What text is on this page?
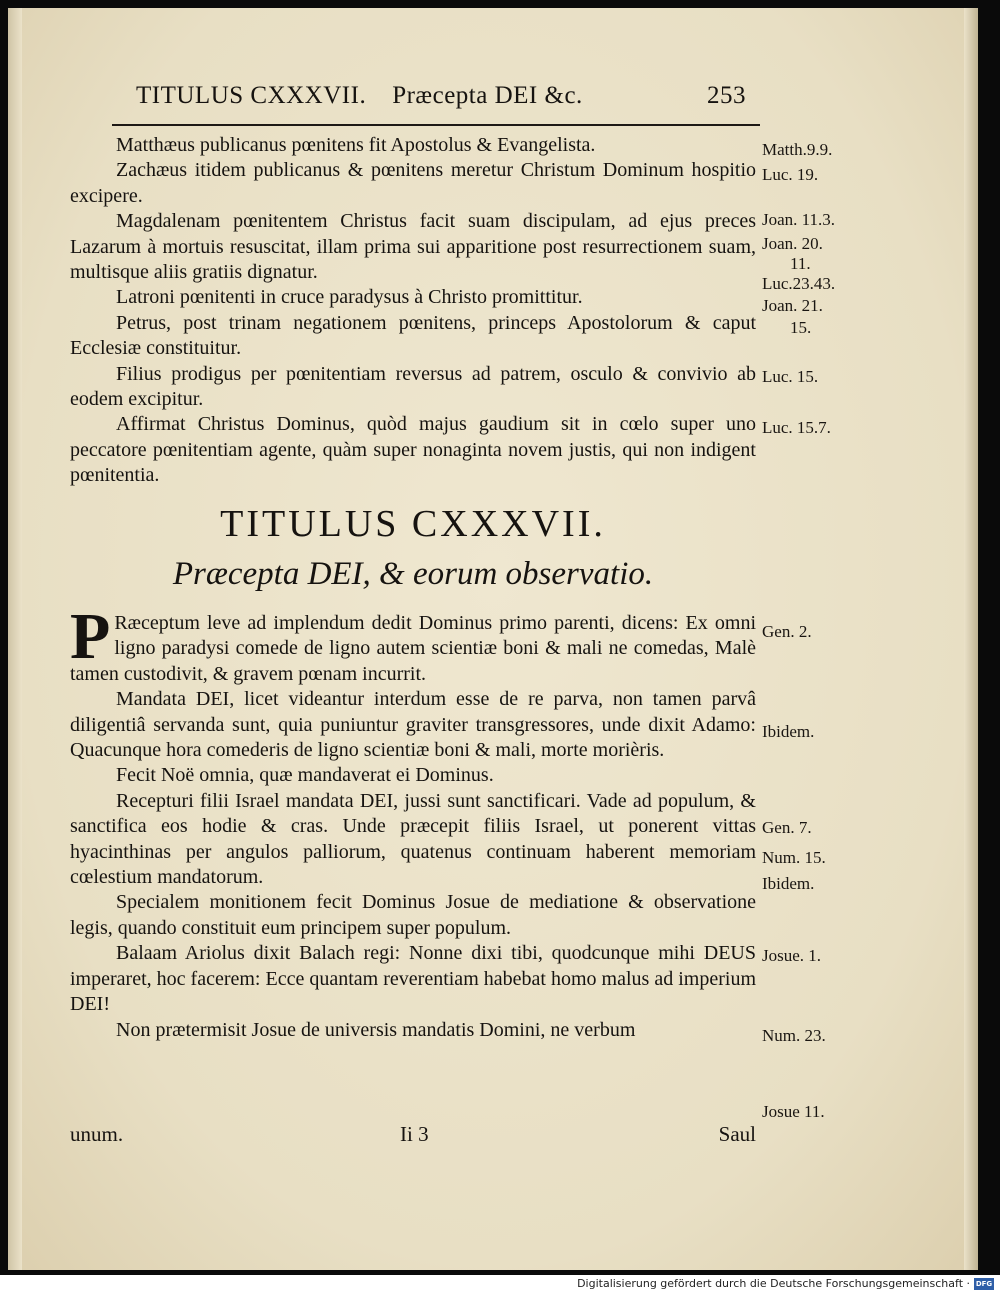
TITULUS CXXXVII. Præcepta DEI &c.	253

Matthæus publicanus pœnitens fit Apostolus & Evangelista.

Zachæus itidem publicanus & pœnitens meretur Christum Dominum hospitio excipere.

Magdalenam pœnitentem Christus facit suam discipulam, ad ejus preces Lazarum à mortuis resuscitat, illam prima sui apparitione post resurrectionem suam, multisque aliis gratiis dignatur.

Latroni pœnitenti in cruce paradysus à Christo promittitur.

Petrus, post trinam negationem pœnitens, princeps Apostolorum & caput Ecclesiæ constituitur.

Filius prodigus per pœnitentiam reversus ad patrem, osculo & convivio ab eodem excipitur.

Affirmat Christus Dominus, quòd majus gaudium sit in cœlo super uno peccatore pœnitentiam agente, quàm super nonaginta novem justis, qui non indigent pœnitentia.

Matth.9.9.
Luc. 19.
Joan. 11.3.
Joan. 20.
11.
Luc.23.43.
Joan. 21.
15.
Luc. 15.
Luc. 15.7.
TITULUS CXXXVII.
Præcepta DEI, & eorum observatio.

P Ræceptum leve ad implendum dedit Dominus primo parenti, dicens: Ex omni ligno paradysi comede de ligno autem scientiæ boni & mali ne comedas, Malè tamen custodivit, & gravem pœnam incurrit.

Mandata DEI, licet videantur interdum esse de re parva, non tamen parvâ diligentiâ servanda sunt, quia puniuntur graviter transgressores, unde dixit Adamo: Quacunque hora comederis de ligno scientiæ boni & mali, morte morièris.

Fecit Noë omnia, quæ mandaverat ei Dominus.

Recepturi filii Israel mandata DEI, jussi sunt sanctificari. Vade ad populum, & sanctifica eos hodie & cras. Unde præcepit filiis Israel, ut ponerent vittas hyacinthinas per angulos palliorum, quatenus continuam haberent memoriam cœlestium mandatorum.

Specialem monitionem fecit Dominus Josue de mediatione & observatione legis, quando constituit eum principem super populum.

Balaam Ariolus dixit Balach regi: Nonne dixi tibi, quodcunque mihi DEUS imperaret, hoc facerem: Ecce quantam reverentiam habebat homo malus ad imperium DEI!

Non prætermisit Josue de universis mandatis Domini, ne verbum

Gen. 2.
Ibidem.
Gen. 7.
Num. 15.
Ibidem.
Josue. 1.
Num. 23.
Josue 11.
unum.	Ii 3	Saul
Digitalisierung gefördert durch die Deutsche Forschungsgemeinschaft · DFG
